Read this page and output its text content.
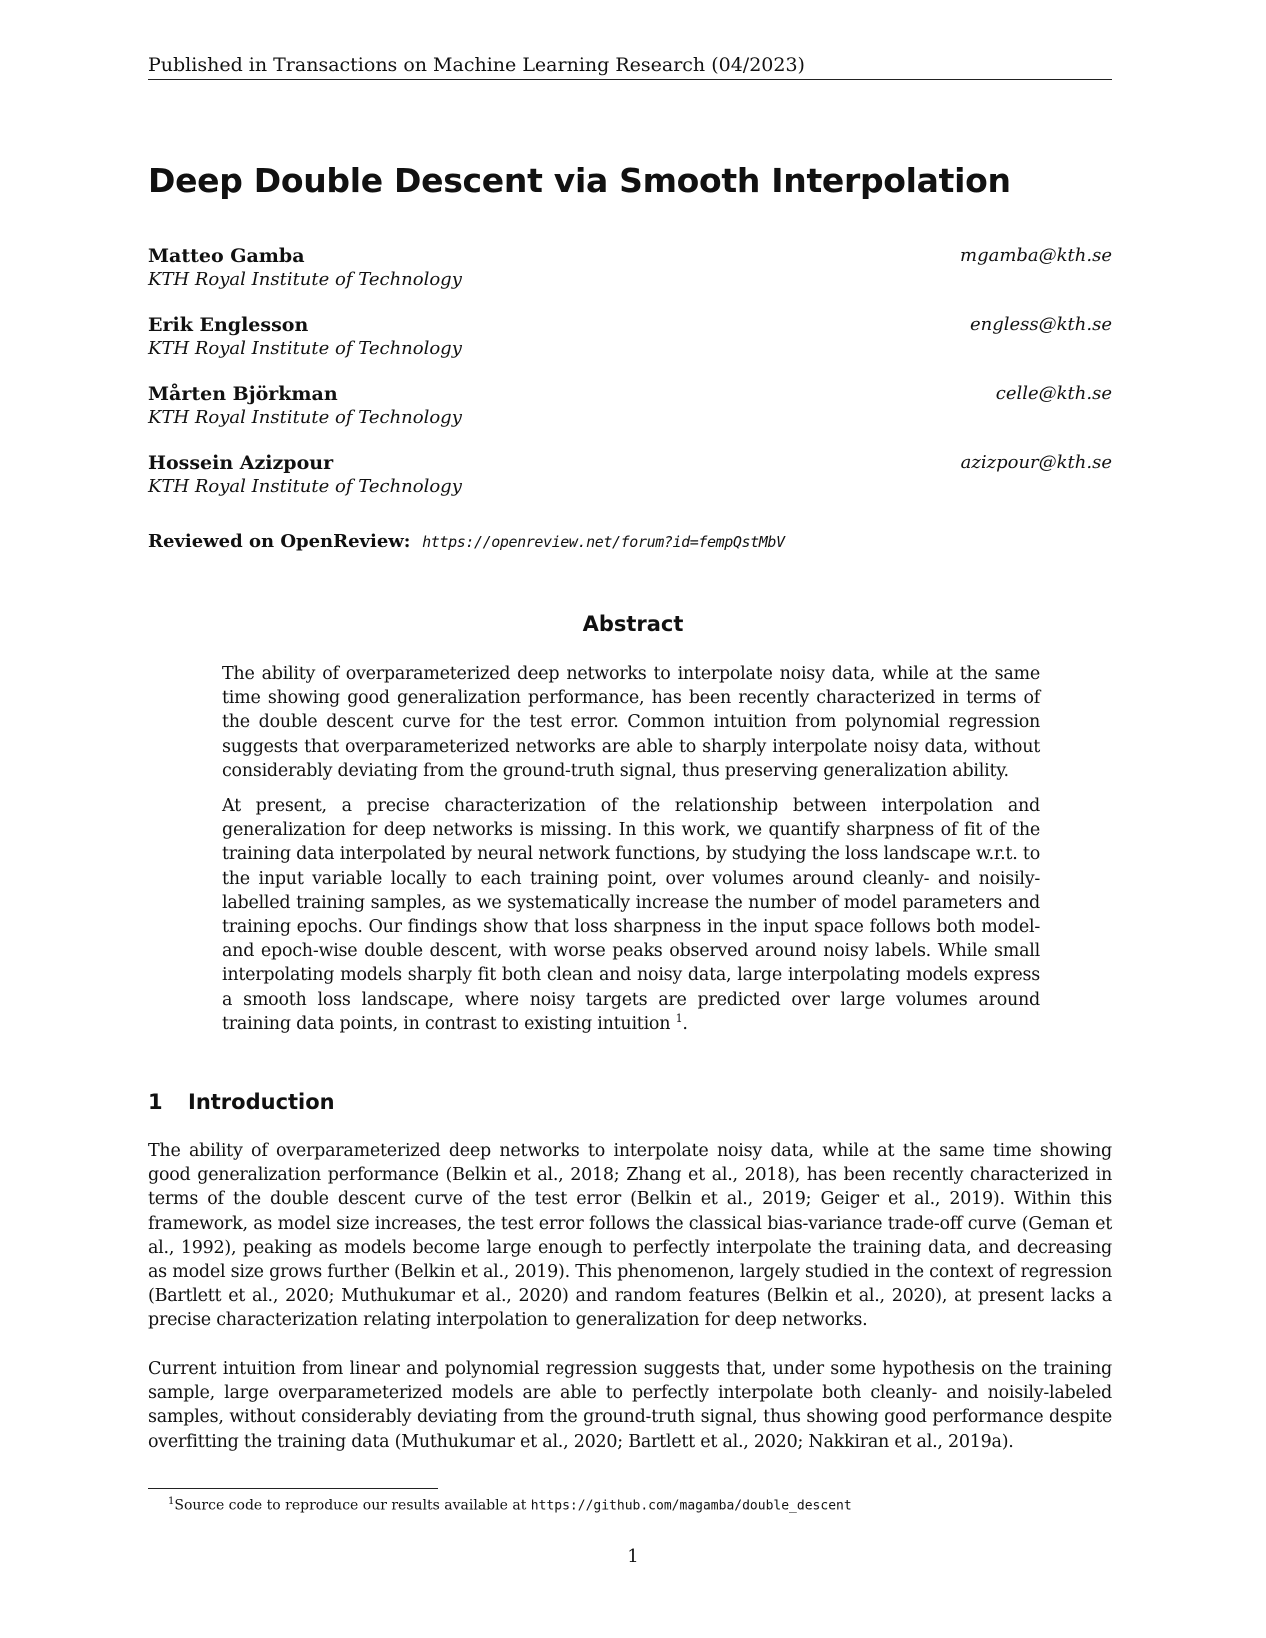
Published in Transactions on Machine Learning Research (04/2023)
Deep Double Descent via Smooth Interpolation
Matteo Gamba
KTH Royal Institute of Technology
mgamba@kth.se
Erik Englesson
KTH Royal Institute of Technology
engless@kth.se
Mårten Björkman
KTH Royal Institute of Technology
celle@kth.se
Hossein Azizpour
KTH Royal Institute of Technology
azizpour@kth.se
Reviewed on OpenReview: https://openreview.net/forum?id=fempQstMbV
Abstract

The ability of overparameterized deep networks to interpolate noisy data, while at the same time showing good generalization performance, has been recently characterized in terms of the double descent curve for the test error. Common intuition from polynomial regression suggests that overparameterized networks are able to sharply interpolate noisy data, without considerably deviating from the ground-truth signal, thus preserving generalization ability.

At present, a precise characterization of the relationship between interpolation and generalization for deep networks is missing. In this work, we quantify sharpness of fit of the training data interpolated by neural network functions, by studying the loss landscape w.r.t. to the input variable locally to each training point, over volumes around cleanly- and noisily-labelled training samples, as we systematically increase the number of model parameters and training epochs. Our findings show that loss sharpness in the input space follows both model- and epoch-wise double descent, with worse peaks observed around noisy labels. While small interpolating models sharply fit both clean and noisy data, large interpolating models express a smooth loss landscape, where noisy targets are predicted over large volumes around training data points, in contrast to existing intuition $^1$.

1 Introduction

The ability of overparameterized deep networks to interpolate noisy data, while at the same time showing good generalization performance (Belkin et al., 2018; Zhang et al., 2018), has been recently characterized in terms of the double descent curve of the test error (Belkin et al., 2019; Geiger et al., 2019). Within this framework, as model size increases, the test error follows the classical bias-variance trade-off curve (Geman et al., 1992), peaking as models become large enough to perfectly interpolate the training data, and decreasing as model size grows further (Belkin et al., 2019). This phenomenon, largely studied in the context of regression (Bartlett et al., 2020; Muthukumar et al., 2020) and random features (Belkin et al., 2020), at present lacks a precise characterization relating interpolation to generalization for deep networks.

Current intuition from linear and polynomial regression suggests that, under some hypothesis on the training sample, large overparameterized models are able to perfectly interpolate both cleanly- and noisily-labeled samples, without considerably deviating from the ground-truth signal, thus showing good performance despite overfitting the training data (Muthukumar et al., 2020; Bartlett et al., 2020; Nakkiran et al., 2019a).

$^1$Source code to reproduce our results available at https://github.com/magamba/double_descent
1
